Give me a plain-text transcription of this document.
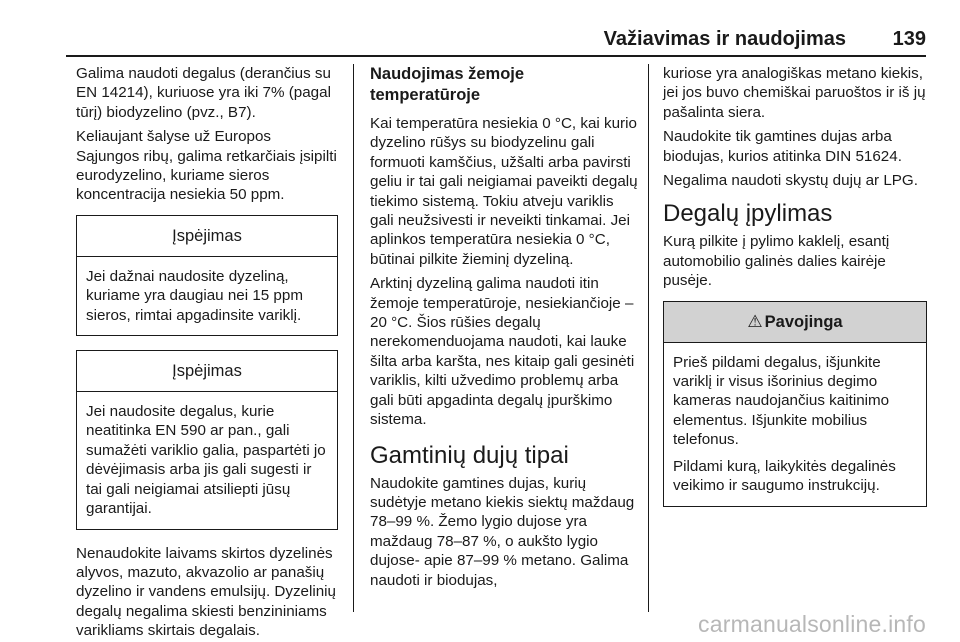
Važiavimas ir naudojimas 139

Galima naudoti degalus (derančius su EN 14214), kuriuose yra iki 7% (pagal tūrį) biodyzelino (pvz., B7).

Keliaujant šalyse už Europos Sąjungos ribų, galima retkarčiais įsipilti eurodyzelino, kuriame sieros koncentracija nesiekia 50 ppm.

Įspėjimas

Jei dažnai naudosite dyzeliną, kuriame yra daugiau nei 15 ppm sieros, rimtai apgadinsite variklį.

Įspėjimas

Jei naudosite degalus, kurie neatitinka EN 590 ar pan., gali sumažėti variklio galia, paspartėti jo dėvėjimasis arba jis gali sugesti ir tai gali neigiamai atsiliepti jūsų garantijai.

Nenaudokite laivams skirtos dyzelinės alyvos, mazuto, akvazolio ar panašių dyzelino ir vandens emulsijų. Dyzelinių degalų negalima skiesti benzininiams varikliams skirtais degalais.

Naudojimas žemoje temperatūroje

Kai temperatūra nesiekia 0 °C, kai kurio dyzelino rūšys su biodyzelinu gali formuoti kamščius, užšalti arba pavirsti geliu ir tai gali neigiamai paveikti degalų tiekimo sistemą. Tokiu atveju variklis gali neužsivesti ir neveikti tinkamai. Jei aplinkos temperatūra nesiekia 0 °C, būtinai pilkite žieminį dyzeliną.

Arktinį dyzeliną galima naudoti itin žemoje temperatūroje, nesiekiančioje –20 °C. Šios rūšies degalų nerekomenduojama naudoti, kai lauke šilta arba karšta, nes kitaip gali gesinėti variklis, kilti užvedimo problemų arba gali būti apgadinta degalų įpurškimo sistema.

Gamtinių dujų tipai

Naudokite gamtines dujas, kurių sudėtyje metano kiekis siektų maždaug 78–99 %. Žemo lygio dujose yra maždaug 78–87 %, o aukšto lygio dujose- apie 87–99 % metano. Galima naudoti ir biodujas,

kuriose yra analogiškas metano kiekis, jei jos buvo chemiškai paruoštos ir iš jų pašalinta siera.

Naudokite tik gamtines dujas arba biodujas, kurios atitinka DIN 51624.

Negalima naudoti skystų dujų ar LPG.

Degalų įpylimas

Kurą pilkite į pylimo kaklelį, esantį automobilio galinės dalies kairėje pusėje.

⚠ Pavojinga

Prieš pildami degalus, išjunkite variklį ir visus išorinius degimo kameras naudojančius kaitinimo elementus. Išjunkite mobilius telefonus.

Pildami kurą, laikykitės degalinės veikimo ir saugumo instrukcijų.

carmanualsonline.info
